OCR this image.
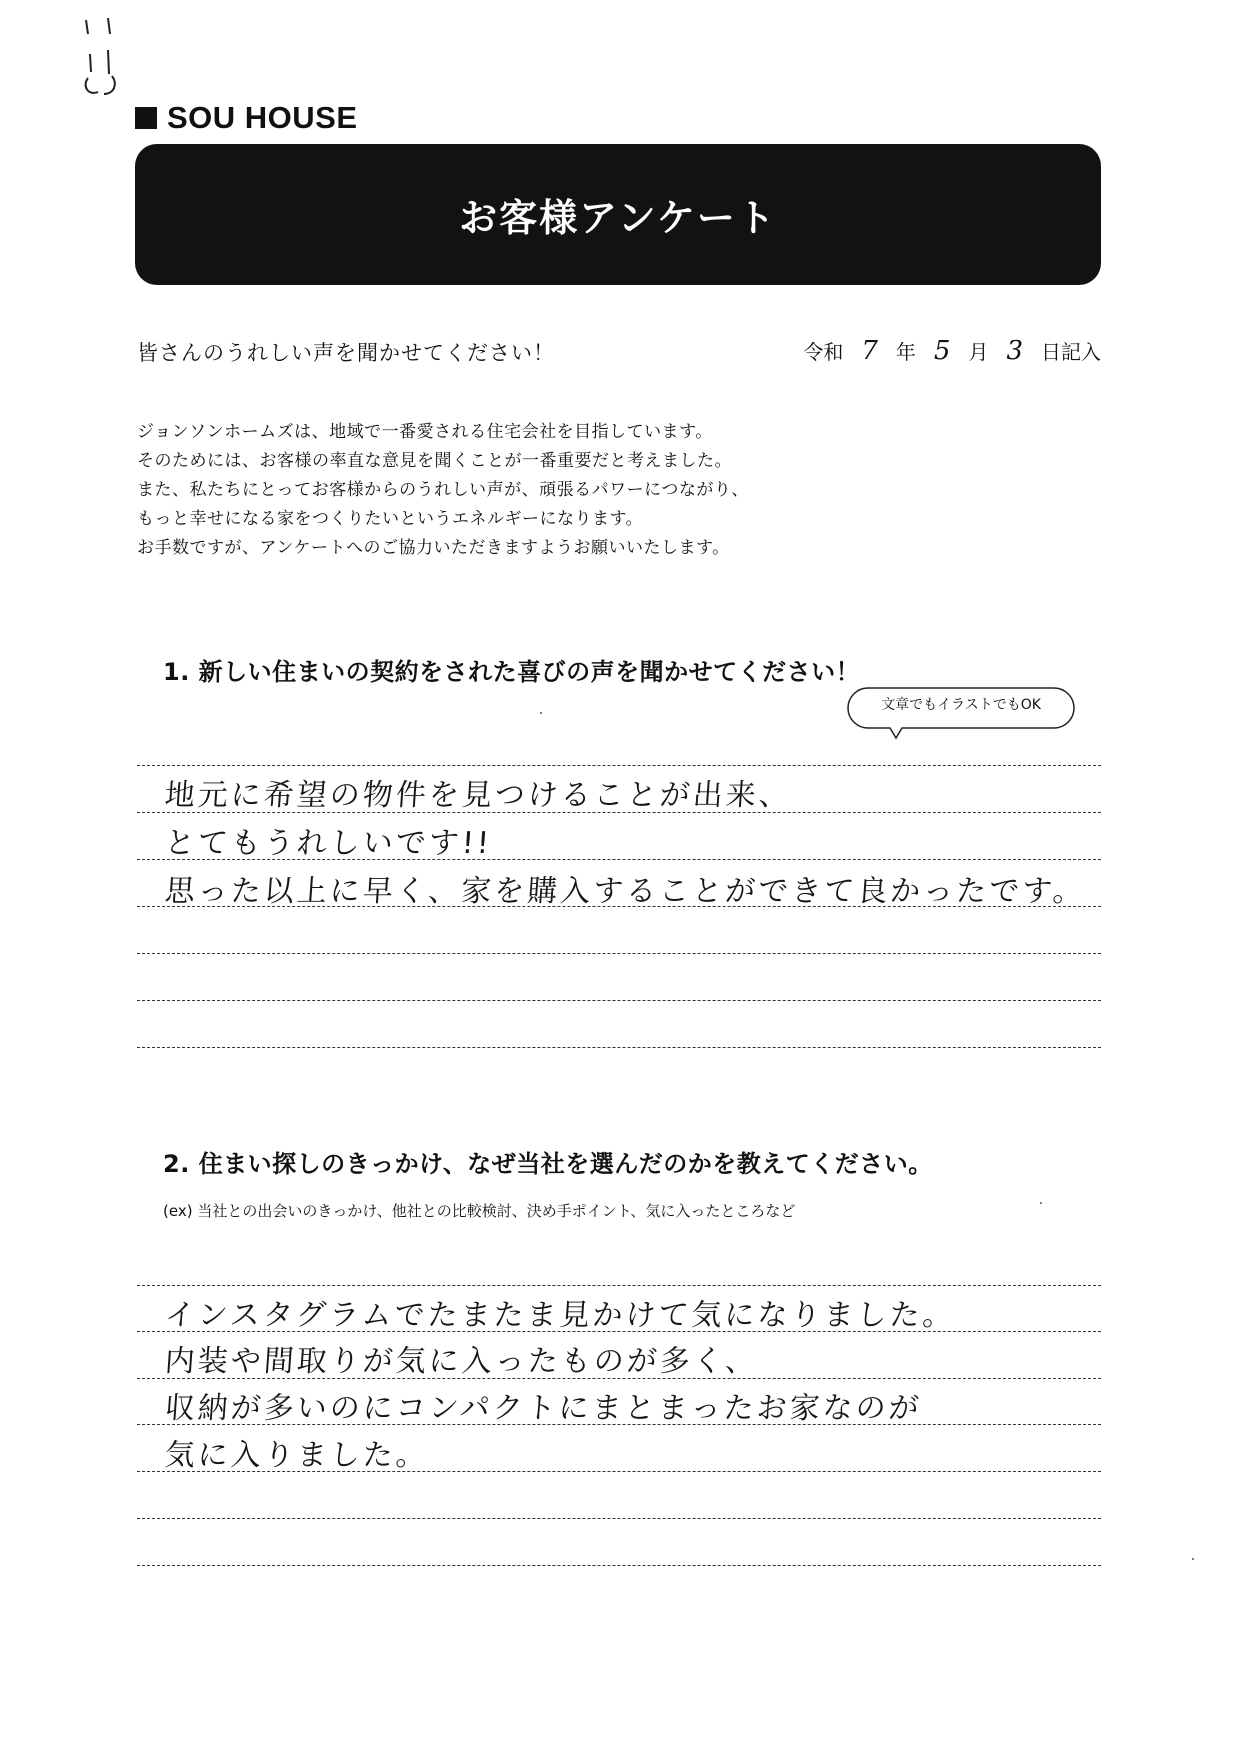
SOU HOUSE
お客様アンケート
皆さんのうれしい声を聞かせてください！	令和 7 年 5 月 3 日記入

ジョンソンホームズは、地域で一番愛される住宅会社を目指しています。

そのためには、お客様の率直な意見を聞くことが一番重要だと考えました。

また、私たちにとってお客様からのうれしい声が、頑張るパワーにつながり、

もっと幸せになる家をつくりたいというエネルギーになります。

お手数ですが、アンケートへのご協力いただきますようお願いいたします。

1. 新しい住まいの契約をされた喜びの声を聞かせてください！
文章でもイラストでもOK
地元に希望の物件を見つけることが出来、
とてもうれしいです!!
思った以上に早く、家を購入することができて良かったです。
2. 住まい探しのきっかけ、なぜ当社を選んだのかを教えてください。
(ex) 当社との出会いのきっかけ、他社との比較検討、決め手ポイント、気に入ったところなど
インスタグラムでたまたま見かけて気になりました。
内装や間取りが気に入ったものが多く、
収納が多いのにコンパクトにまとまったお家なのが
気に入りました。
